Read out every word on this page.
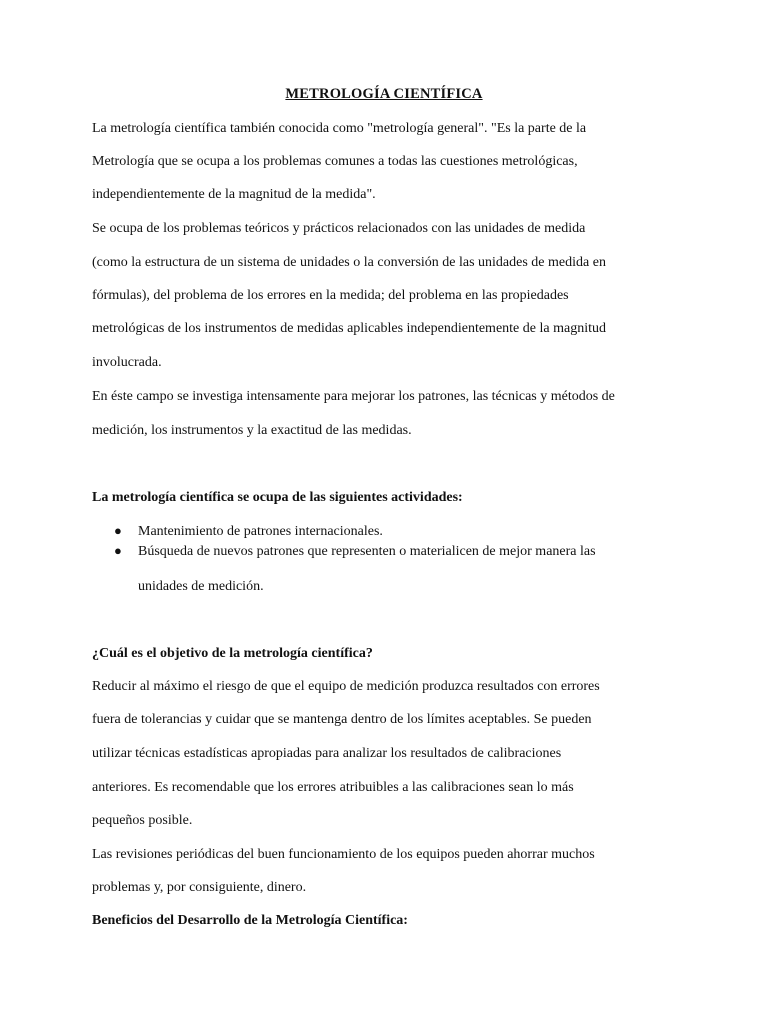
METROLOGÍA CIENTÍFICA
La metrología científica también conocida como "metrología general". "Es la parte de la
Metrología que se ocupa a los problemas comunes a todas las cuestiones metrológicas,
independientemente de la magnitud de la medida".
Se ocupa de los problemas teóricos y prácticos relacionados con las unidades de medida
(como la estructura de un sistema de unidades o la conversión de las unidades de medida en
fórmulas), del problema de los errores en la medida; del problema en las propiedades
metrológicas de los instrumentos de medidas aplicables independientemente de la magnitud
involucrada.
En éste campo se investiga intensamente para mejorar los patrones, las técnicas y métodos de
medición, los instrumentos y la exactitud de las medidas.
La metrología científica se ocupa de las siguientes actividades:
● Mantenimiento de patrones internacionales.
● Búsqueda de nuevos patrones que representen o materialicen de mejor manera las
unidades de medición.
¿Cuál es el objetivo de la metrología científica?
Reducir al máximo el riesgo de que el equipo de medición produzca resultados con errores
fuera de tolerancias y cuidar que se mantenga dentro de los límites aceptables. Se pueden
utilizar técnicas estadísticas apropiadas para analizar los resultados de calibraciones
anteriores. Es recomendable que los errores atribuibles a las calibraciones sean lo más
pequeños posible.
Las revisiones periódicas del buen funcionamiento de los equipos pueden ahorrar muchos
problemas y, por consiguiente, dinero.
Beneficios del Desarrollo de la Metrología Científica:
